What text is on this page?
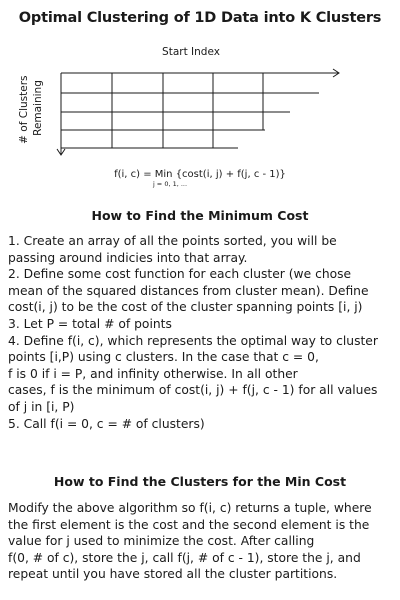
Optimal Clustering of 1D Data into K Clusters
Start Index
# of Clusters Remaining
f(i, c) = Min {cost(i, j) + f(j, c - 1)}
j = 0, 1, ...
How to Find the Minimum Cost
1. Create an array of all the points sorted, you will be
passing around indicies into that array.
2. Define some cost function for each cluster (we chose
mean of the squared distances from cluster mean). Define
cost(i, j) to be the cost of the cluster spanning points [i, j)
3. Let P = total # of points
4. Define f(i, c), which represents the optimal way to cluster
points [i,P) using c clusters. In the case that c = 0,
f is 0 if i = P, and infinity otherwise. In all other
cases, f is the minimum of cost(i, j) + f(j, c - 1) for all values
of j in [i, P)
5. Call f(i = 0, c = # of clusters)
How to Find the Clusters for the Min Cost
Modify the above algorithm so f(i, c) returns a tuple, where
the first element is the cost and the second element is the
value for j used to minimize the cost. After calling
f(0, # of c), store the j, call f(j, # of c - 1), store the j, and
repeat until you have stored all the cluster partitions.
